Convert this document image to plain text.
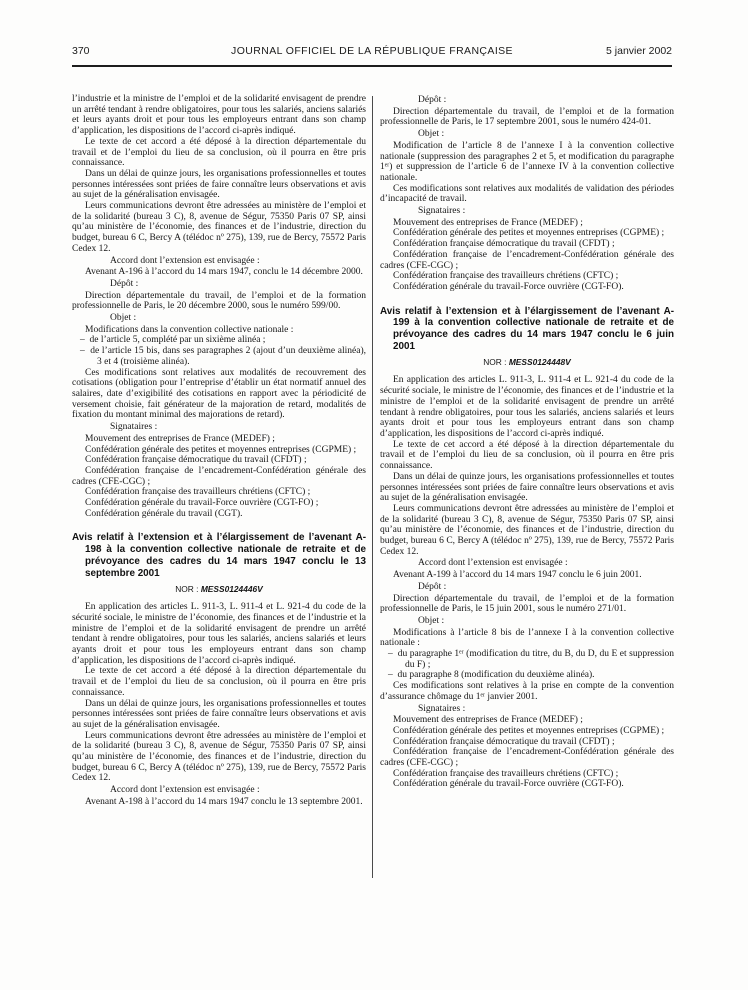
370	JOURNAL OFFICIEL DE LA RÉPUBLIQUE FRANÇAISE	5 janvier 2002
l’industrie et la ministre de l’emploi et de la solidarité envisagent de prendre un arrêté tendant à rendre obligatoires, pour tous les salariés, anciens salariés et leurs ayants droit et pour tous les employeurs entrant dans son champ d’application, les dispositions de l’accord ci-après indiqué.
Le texte de cet accord a été déposé à la direction départementale du travail et de l’emploi du lieu de sa conclusion, où il pourra en être pris connaissance.
Dans un délai de quinze jours, les organisations professionnelles et toutes personnes intéressées sont priées de faire connaître leurs observations et avis au sujet de la généralisation envisagée.
Leurs communications devront être adressées au ministère de l’emploi et de la solidarité (bureau 3 C), 8, avenue de Ségur, 75350 Paris 07 SP, ainsi qu’au ministère de l’économie, des finances et de l’industrie, direction du budget, bureau 6 C, Bercy A (télédoc nº 275), 139, rue de Bercy, 75572 Paris Cedex 12.
Accord dont l’extension est envisagée :
Avenant A-196 à l’accord du 14 mars 1947, conclu le 14 décembre 2000.
Dépôt :
Direction départementale du travail, de l’emploi et de la formation professionnelle de Paris, le 20 décembre 2000, sous le numéro 599/00.
Objet :
Modifications dans la convention collective nationale :
–  de l’article 5, complété par un sixième alinéa ;
–  de l’article 15 bis, dans ses paragraphes 2 (ajout d’un deuxième alinéa), 3 et 4 (troisième alinéa).
Ces modifications sont relatives aux modalités de recouvrement des cotisations (obligation pour l’entreprise d’établir un état normatif annuel des salaires, date d’exigibilité des cotisations en rapport avec la périodicité de versement choisie, fait générateur de la majoration de retard, modalités de fixation du montant minimal des majorations de retard).
Signataires :
Mouvement des entreprises de France (MEDEF) ;
Confédération générale des petites et moyennes entreprises (CGPME) ;
Confédération française démocratique du travail (CFDT) ;
Confédération française de l’encadrement-Confédération générale des cadres (CFE-CGC) ;
Confédération française des travailleurs chrétiens (CFTC) ;
Confédération générale du travail-Force ouvrière (CGT-FO) ;
Confédération générale du travail (CGT).
Avis relatif à l’extension et à l’élargissement de l’avenant A-198 à la convention collective nationale de retraite et de prévoyance des cadres du 14 mars 1947 conclu le 13 septembre 2001
NOR : MESS0124446V
En application des articles L. 911-3, L. 911-4 et L. 921-4 du code de la sécurité sociale, le ministre de l’économie, des finances et de l’industrie et la ministre de l’emploi et de la solidarité envisagent de prendre un arrêté tendant à rendre obligatoires, pour tous les salariés, anciens salariés et leurs ayants droit et pour tous les employeurs entrant dans son champ d’application, les dispositions de l’accord ci-après indiqué.
Le texte de cet accord a été déposé à la direction départementale du travail et de l’emploi du lieu de sa conclusion, où il pourra en être pris connaissance.
Dans un délai de quinze jours, les organisations professionnelles et toutes personnes intéressées sont priées de faire connaître leurs observations et avis au sujet de la généralisation envisagée.
Leurs communications devront être adressées au ministère de l’emploi et de la solidarité (bureau 3 C), 8, avenue de Ségur, 75350 Paris 07 SP, ainsi qu’au ministère de l’économie, des finances et de l’industrie, direction du budget, bureau 6 C, Bercy A (télédoc nº 275), 139, rue de Bercy, 75572 Paris Cedex 12.
Accord dont l’extension est envisagée :
Avenant A-198 à l’accord du 14 mars 1947 conclu le 13 septembre 2001.
Dépôt :
Direction départementale du travail, de l’emploi et de la formation professionnelle de Paris, le 17 septembre 2001, sous le numéro 424-01.
Objet :
Modification de l’article 8 de l’annexe I à la convention collective nationale (suppression des paragraphes 2 et 5, et modification du paragraphe 1ᵉʳ) et suppression de l’article 6 de l’annexe IV à la convention collective nationale.
Ces modifications sont relatives aux modalités de validation des périodes d’incapacité de travail.
Signataires :
Mouvement des entreprises de France (MEDEF) ;
Confédération générale des petites et moyennes entreprises (CGPME) ;
Confédération française démocratique du travail (CFDT) ;
Confédération française de l’encadrement-Confédération générale des cadres (CFE-CGC) ;
Confédération française des travailleurs chrétiens (CFTC) ;
Confédération générale du travail-Force ouvrière (CGT-FO).
Avis relatif à l’extension et à l’élargissement de l’avenant A-199 à la convention collective nationale de retraite et de prévoyance des cadres du 14 mars 1947 conclu le 6 juin 2001
NOR : MESS0124448V
En application des articles L. 911-3, L. 911-4 et L. 921-4 du code de la sécurité sociale, le ministre de l’économie, des finances et de l’industrie et la ministre de l’emploi et de la solidarité envisagent de prendre un arrêté tendant à rendre obligatoires, pour tous les salariés, anciens salariés et leurs ayants droit et pour tous les employeurs entrant dans son champ d’application, les dispositions de l’accord ci-après indiqué.
Le texte de cet accord a été déposé à la direction départementale du travail et de l’emploi du lieu de sa conclusion, où il pourra en être pris connaissance.
Dans un délai de quinze jours, les organisations professionnelles et toutes personnes intéressées sont priées de faire connaître leurs observations et avis au sujet de la généralisation envisagée.
Leurs communications devront être adressées au ministère de l’emploi et de la solidarité (bureau 3 C), 8, avenue de Ségur, 75350 Paris 07 SP, ainsi qu’au ministère de l’économie, des finances et de l’industrie, direction du budget, bureau 6 C, Bercy A (télédoc nº 275), 139, rue de Bercy, 75572 Paris Cedex 12.
Accord dont l’extension est envisagée :
Avenant A-199 à l’accord du 14 mars 1947 conclu le 6 juin 2001.
Dépôt :
Direction départementale du travail, de l’emploi et de la formation professionnelle de Paris, le 15 juin 2001, sous le numéro 271/01.
Objet :
Modifications à l’article 8 bis de l’annexe I à la convention collective nationale :
–  du paragraphe 1ᵉʳ (modification du titre, du B, du D, du E et suppression du F) ;
–  du paragraphe 8 (modification du deuxième alinéa).
Ces modifications sont relatives à la prise en compte de la convention d’assurance chômage du 1ᵉʳ janvier 2001.
Signataires :
Mouvement des entreprises de France (MEDEF) ;
Confédération générale des petites et moyennes entreprises (CGPME) ;
Confédération française démocratique du travail (CFDT) ;
Confédération française de l’encadrement-Confédération générale des cadres (CFE-CGC) ;
Confédération française des travailleurs chrétiens (CFTC) ;
Confédération générale du travail-Force ouvrière (CGT-FO).
